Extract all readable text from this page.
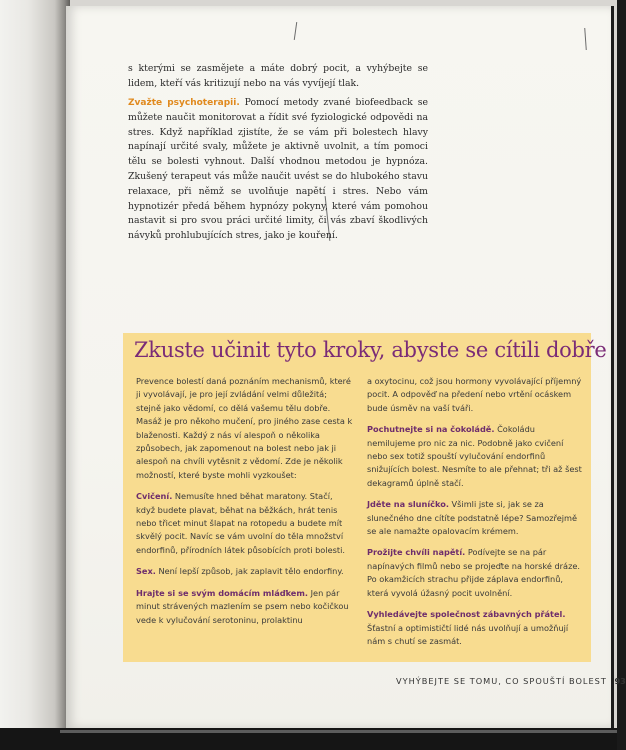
s kterými se zasmějete a máte dobrý pocit, a vyhýbejte se lidem, kteří vás kritizují nebo na vás vyvíjejí tlak.
Zvažte psychoterapii. Pomocí metody zvané biofeedback se můžete naučit monitorovat a řídit své fyziologické odpovědi na stres. Když například zjistíte, že se vám při bolestech hlavy napínají určité svaly, můžete je aktivně uvolnit, a tím pomoci tělu se bolesti vyhnout. Další vhodnou metodou je hypnóza. Zkušený terapeut vás může naučit uvést se do hlubokého stavu relaxace, při němž se uvolňuje napětí i stres. Nebo vám hypnotizér předá během hypnózy pokyny, které vám pomohou nastavit si pro svou práci určité limity, či vás zbaví škodlivých návyků prohlubujících stres, jako je kouření.
Zkuste učinit tyto kroky, abyste se cítili dobře

Prevence bolestí daná poznáním mechanismů, které ji vyvolávají, je pro její zvládání velmi důležitá; stejně jako vědomí, co dělá vašemu tělu dobře. Masáž je pro někoho mučení, pro jiného zase cesta k blaženosti. Každý z nás ví alespoň o několika způsobech, jak zapomenout na bolest nebo jak ji alespoň na chvíli vytěsnit z vědomí. Zde je několik možností, které byste mohli vyzkoušet:

Cvičení. Nemusíte hned běhat maratony. Stačí, když budete plavat, běhat na běžkách, hrát tenis nebo třicet minut šlapat na rotopedu a budete mít skvělý pocit. Navíc se vám uvolní do těla množství endorfinů, přírodních látek působících proti bolesti.

Sex. Není lepší způsob, jak zaplavit tělo endorfiny.

Hrajte si se svým domácím mláďkem. Jen pár minut strávených mazlením se psem nebo kočičkou vede k vylučování serotoninu, prolaktinu

a oxytocinu, což jsou hormony vyvolávající příjemný pocit. A odpověď na předení nebo vrtění ocáskem bude úsměv na vaší tváři.

Pochutnejte si na čokoládě. Čokoládu nemilujeme pro nic za nic. Podobně jako cvičení nebo sex totiž spouští vylučování endorfinů snižujících bolest. Nesmíte to ale přehnat; tři až šest dekagramů úplně stačí.

Jděte na sluníčko. Všimli jste si, jak se za slunečného dne cítíte podstatně lépe? Samozřejmě se ale namažte opalovacím krémem.

Prožijte chvíli napětí. Podívejte se na pár napínavých filmů nebo se projeďte na horské dráze. Po okamžicích strachu přijde záplava endorfinů, která vyvolá úžasný pocit uvolnění.

Vyhledávejte společnost zábavných přátel. Šťastní a optimističtí lidé nás uvolňují a umožňují nám s chutí se zasmát.

VYHÝBEJTE SE TOMU, CO SPOUŠTÍ BOLEST 93
